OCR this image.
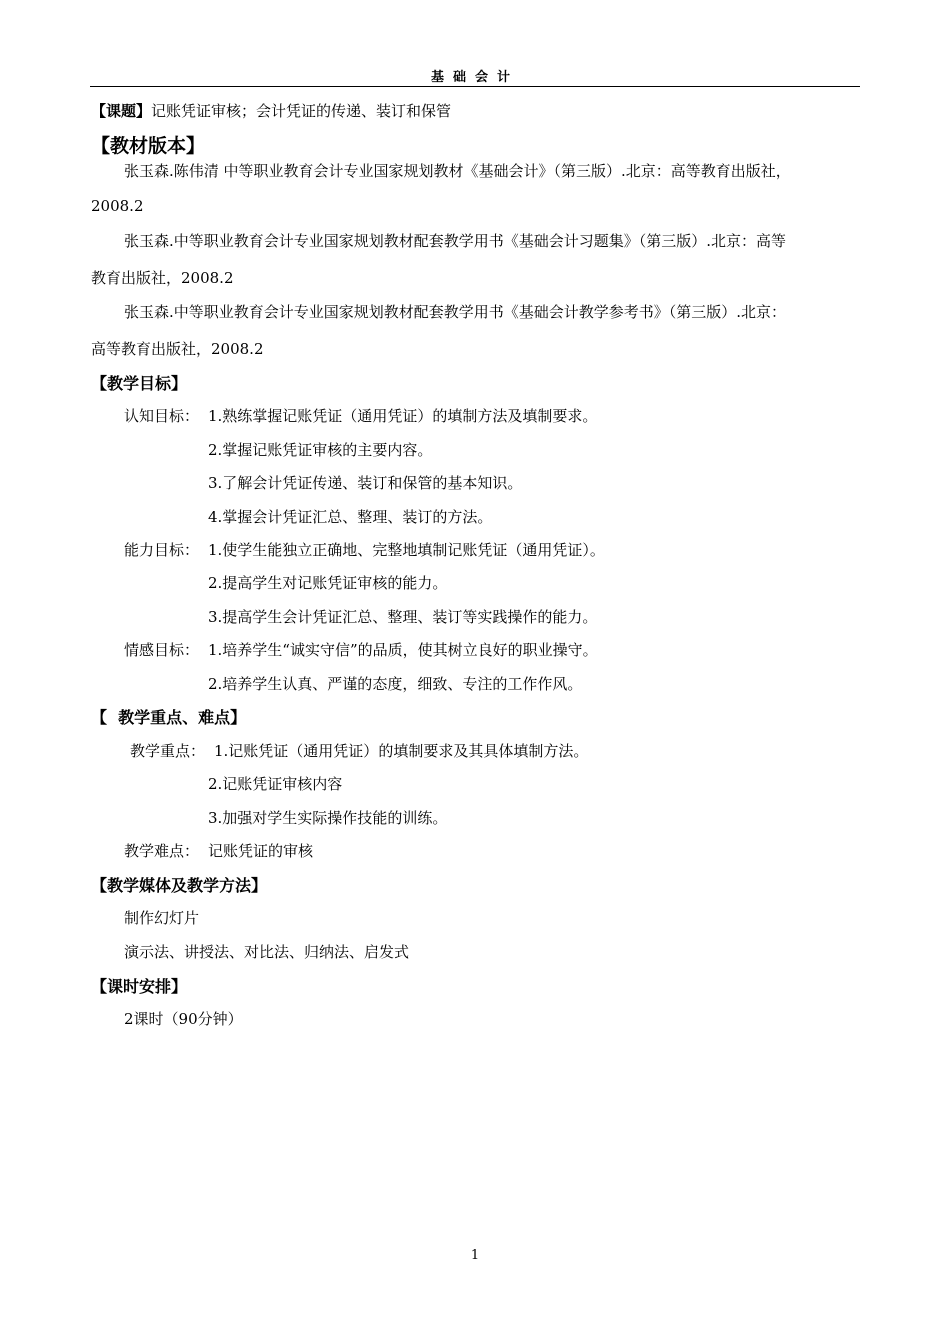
基础会计
【课题】记账凭证审核；会计凭证的传递、装订和保管
【教材版本】
张玉森.陈伟清 中等职业教育会计专业国家规划教材《基础会计》（第三版）.北京：高等教育出版社，
2008.2
张玉森.中等职业教育会计专业国家规划教材配套教学用书《基础会计习题集》（第三版）.北京：高等
教育出版社，2008.2
张玉森.中等职业教育会计专业国家规划教材配套教学用书《基础会计教学参考书》（第三版）.北京：
高等教育出版社，2008.2
【教学目标】
认知目标： 1.熟练掌握记账凭证（通用凭证）的填制方法及填制要求。
2.掌握记账凭证审核的主要内容。
3.了解会计凭证传递、装订和保管的基本知识。
4.掌握会计凭证汇总、整理、装订的方法。
能力目标： 1.使学生能独立正确地、完整地填制记账凭证（通用凭证）。
2.提高学生对记账凭证审核的能力。
3.提高学生会计凭证汇总、整理、装订等实践操作的能力。
情感目标： 1.培养学生“诚实守信”的品质，使其树立良好的职业操守。
2.培养学生认真、严谨的态度，细致、专注的工作作风。
【  教学重点、难点】
教学重点： 1.记账凭证（通用凭证）的填制要求及其具体填制方法。
2.记账凭证审核内容
3.加强对学生实际操作技能的训练。
教学难点： 记账凭证的审核
【教学媒体及教学方法】
制作幻灯片
演示法、讲授法、对比法、归纳法、启发式
【课时安排】
2课时（90分钟）
1
